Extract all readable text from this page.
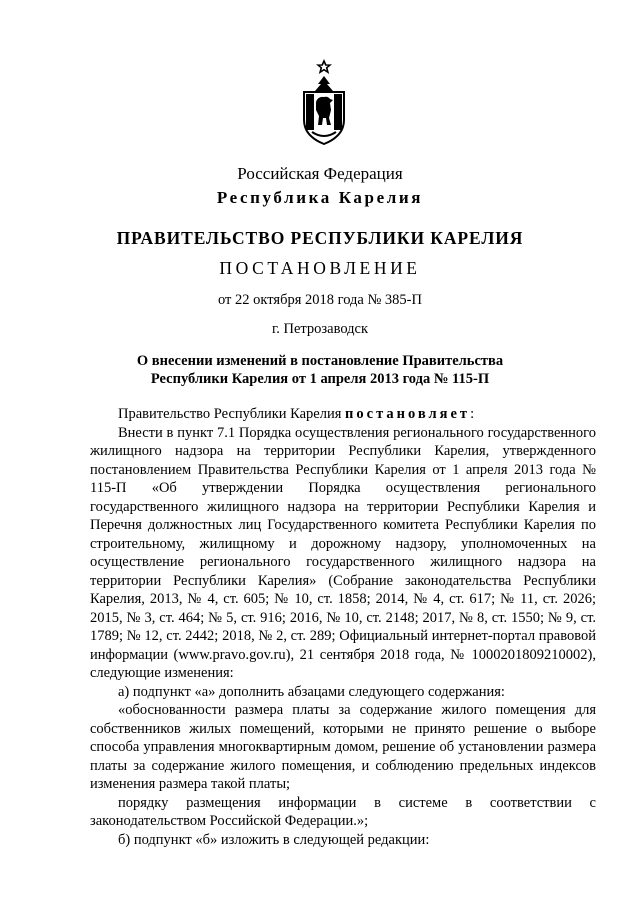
Российская Федерация
Республика Карелия
ПРАВИТЕЛЬСТВО РЕСПУБЛИКИ КАРЕЛИЯ
ПОСТАНОВЛЕНИЕ
от 22 октября 2018 года № 385-П
г. Петрозаводск
О внесении изменений в постановление Правительства
Республики Карелия от 1 апреля 2013 года № 115-П

Правительство Республики Карелия постановляет:

Внести в пункт 7.1 Порядка осуществления регионального государственного жилищного надзора на территории Республики Карелия, утвержденного постановлением Правительства Республики Карелия от 1 апреля 2013 года № 115-П «Об утверждении Порядка осуществления регионального государственного жилищного надзора на территории Республики Карелия и Перечня должностных лиц Государственного комитета Республики Карелия по строительному, жилищному и дорожному надзору, уполномоченных на осуществление регионального государственного жилищного надзора на территории Республики Карелия» (Собрание законодательства Республики Карелия, 2013, № 4, ст. 605; № 10, ст. 1858; 2014, № 4, ст. 617; № 11, ст. 2026; 2015, № 3, ст. 464; № 5, ст. 916; 2016, № 10, ст. 2148; 2017, № 8, ст. 1550; № 9, ст. 1789; № 12, ст. 2442; 2018, № 2, ст. 289; Официальный интернет-портал правовой информации (www.pravo.gov.ru), 21 сентября 2018 года, № 1000201809210002), следующие изменения:

а) подпункт «а» дополнить абзацами следующего содержания:

«обоснованности размера платы за содержание жилого помещения для собственников жилых помещений, которыми не принято решение о выборе способа управления многоквартирным домом, решение об установлении размера платы за содержание жилого помещения, и соблюдению предельных индексов изменения размера такой платы;

порядку размещения информации в системе в соответствии с законодательством Российской Федерации.»;

б) подпункт «б» изложить в следующей редакции:
